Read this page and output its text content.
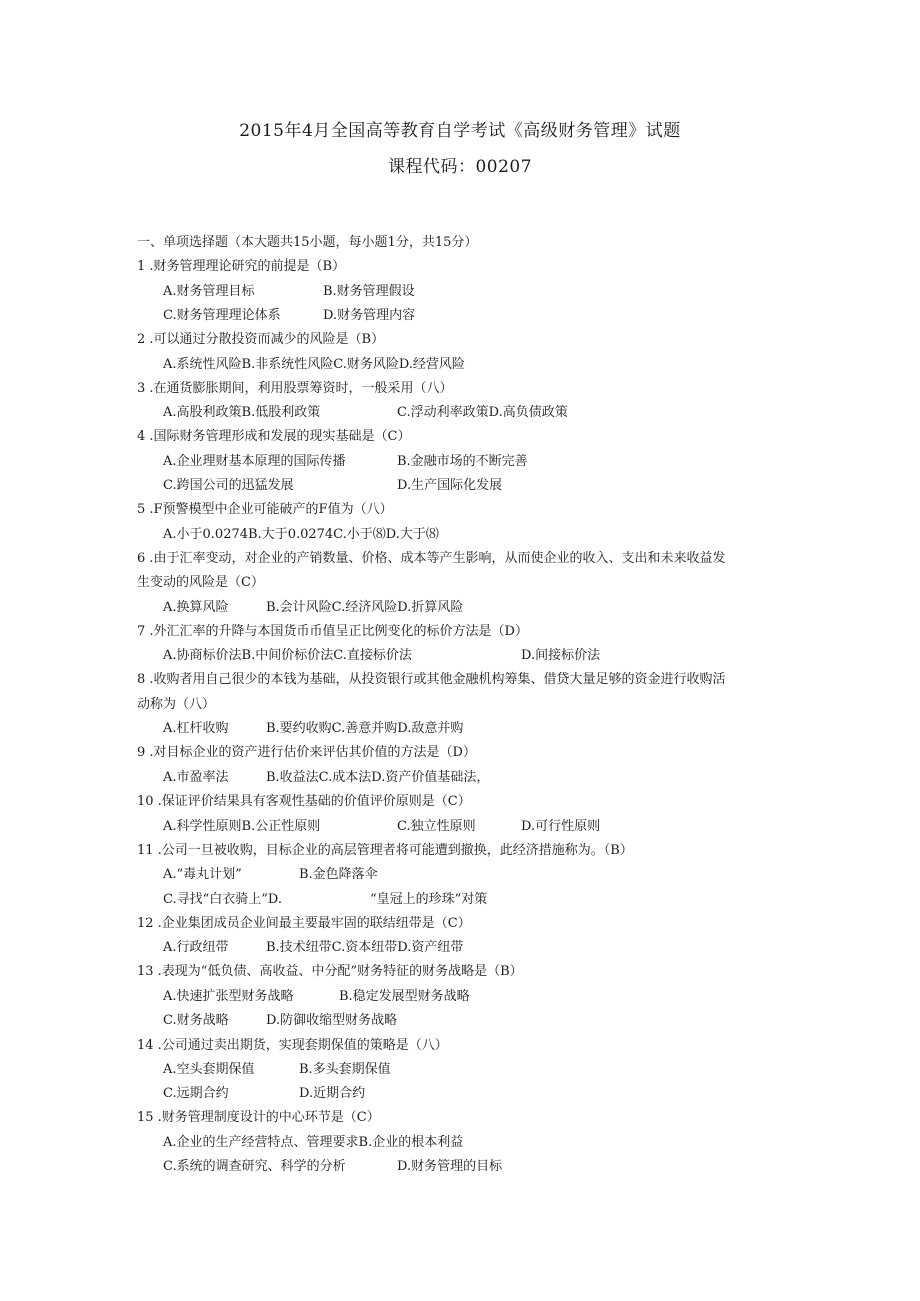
2015年4月全国高等教育自学考试《高级财务管理》试题
课程代码：00207
一、单项选择题（本大题共15小题，每小题1分，共15分）
1 .财务管理理论研究的前提是（B）
A.财务管理目标	B.财务管理假设
C.财务管理理论体系	D.财务管理内容
2 .可以通过分散投资而减少的风险是（B）
A.系统性风险B.非系统性风险C.财务风险D.经营风险
3 .在通货膨胀期间，利用股票筹资时，一般采用（八）
A.高股利政策B.低股利政策	C.浮动利率政策D.高负债政策
4 .国际财务管理形成和发展的现实基础是（C）
A.企业理财基本原理的国际传播	B.金融市场的不断完善
C.跨国公司的迅猛发展	D.生产国际化发展
5 .F预警模型中企业可能破产的F值为（八）
A.小于0.0274B.大于0.0274C.小于⑻D.大于⑻
6 .由于汇率变动，对企业的产销数量、价格、成本等产生影响，从而使企业的收入、支出和未来收益发
生变动的风险是（C）
A.换算风险	B.会计风险C.经济风险D.折算风险
7 .外汇汇率的升降与本国货币币值呈正比例变化的标价方法是（D）
A.协商标价法B.中间价标价法C.直接标价法	D.间接标价法
8 .收购者用自己很少的本钱为基础，从投资银行或其他金融机构筹集、借贷大量足够的资金进行收购活
动称为（八）
A.杠杆收购	B.要约收购C.善意并购D.敌意并购
9 .对目标企业的资产进行估价来评估其价值的方法是（D）
A.市盈率法	B.收益法C.成本法D.资产价值基础法，
10 .保证评价结果具有客观性基础的价值评价原则是（C）
A.科学性原则B.公正性原则	C.独立性原则	D.可行性原则
11 .公司一旦被收购，目标企业的高层管理者将可能遭到撤换，此经济措施称为。（B）
A.“毒丸计划”	B.金色降落伞
C.寻找“白衣骑上”D.	“皇冠上的珍珠”对策
12 .企业集团成员企业间最主要最牢固的联结纽带是（C）
A.行政纽带	B.技术纽带C.资本纽带D.资产纽带
13 .表现为“低负债、高收益、中分配”财务特征的财务战略是（B）
A.快速扩张型财务战略	B.稳定发展型财务战略
C.财务战略	D.防御收缩型财务战略
14 .公司通过卖出期货，实现套期保值的策略是（八）
A.空头套期保值	B.多头套期保值
C.远期合约	D.近期合约
15 .财务管理制度设计的中心环节是（C）
A.企业的生产经营特点、管理要求B.企业的根本利益
C.系统的调查研究、科学的分析	D.财务管理的目标
